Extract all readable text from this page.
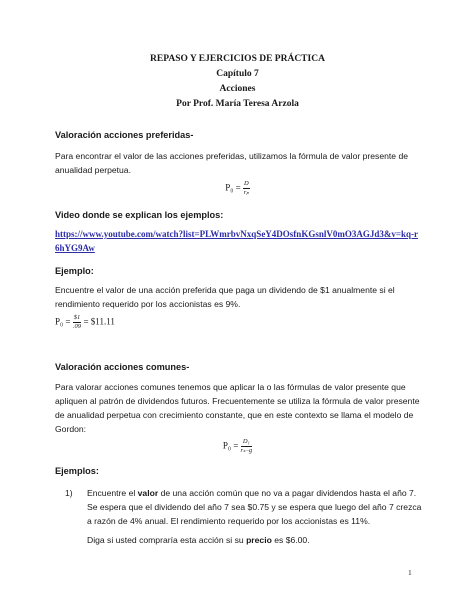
REPASO Y EJERCICIOS DE PRÁCTICA
Capítulo 7
Acciones
Por Prof. María Teresa Arzola
Valoración acciones preferidas-
Para encontrar el valor de las acciones preferidas, utilizamos la fórmula de valor presente de anualidad perpetua.
$P_0 = \frac{D}{\text{rₚ}}$
Video donde se explican los ejemplos:
https://www.youtube.com/watch?list=PLWmrbvNxqSeY4DOsfnKGsnlV0mO3AGJd3&v=kq-r6hYG9Aw
Ejemplo:
Encuentre el valor de una acción preferida que paga un dividendo de $1 anualmente si el rendimiento requerido por los accionistas es 9%.
$P_0 = \frac{\$1}{.09}$ = $11.11
Valoración acciones comunes-
Para valorar acciones comunes tenemos que aplicar la o las fórmulas de valor presente que apliquen al patrón de dividendos futuros. Frecuentemente se utiliza la fórmula de valor presente de anualidad perpetua con crecimiento constante, que en este contexto se llama el modelo de Gordon:
$P_0 = \frac{\text{D₁}}{\text{rₛ₋g}}$
Ejemplos:
1) Encuentre el valor de una acción común que no va a pagar dividendos hasta el año 7. Se espera que el dividendo del año 7 sea $0.75 y se espera que luego del año 7 crezca a razón de 4% anual. El rendimiento requerido por los accionistas es 11%.
Diga si usted compraría esta acción si su precio es $6.00.
1
